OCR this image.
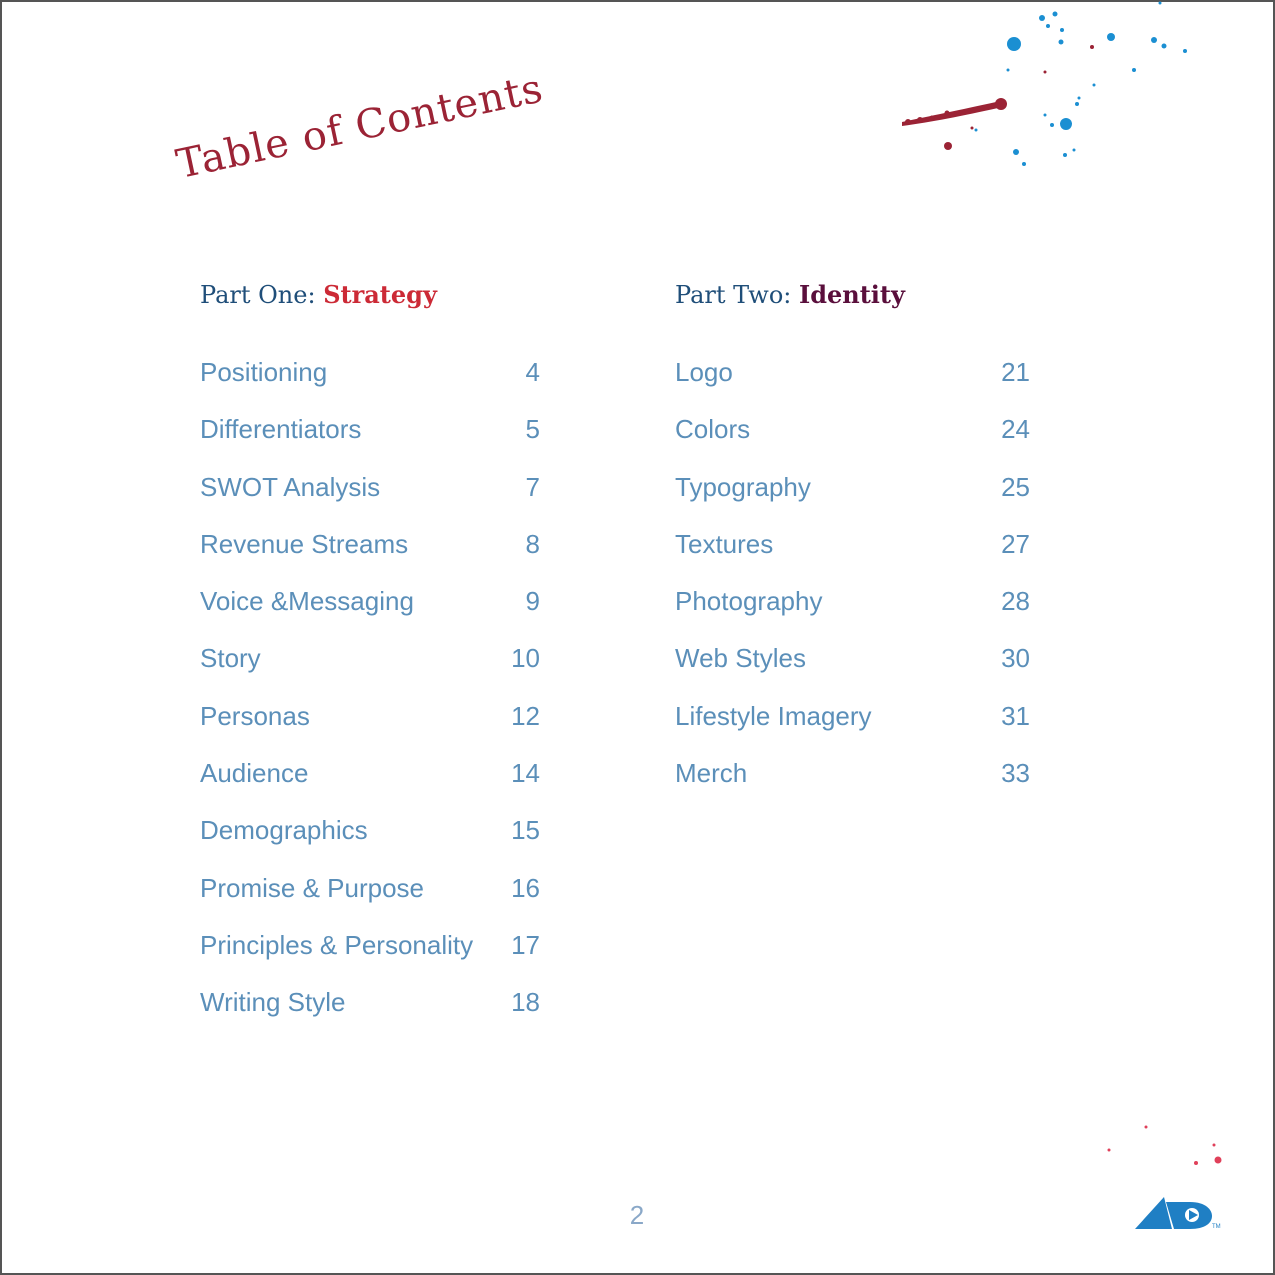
Table of Contents
Part One: Strategy
Positioning	4
Differentiators	5
SWOT Analysis	7
Revenue Streams	8
Voice &Messaging	9
Story	10
Personas	12
Audience	14
Demographics	15
Promise & Purpose	16
Principles & Personality	17
Writing Style	18
Part Two: Identity
Logo	21
Colors	24
Typography	25
Textures	27
Photography	28
Web Styles	30
Lifestyle Imagery	31
Merch	33
2	TM
